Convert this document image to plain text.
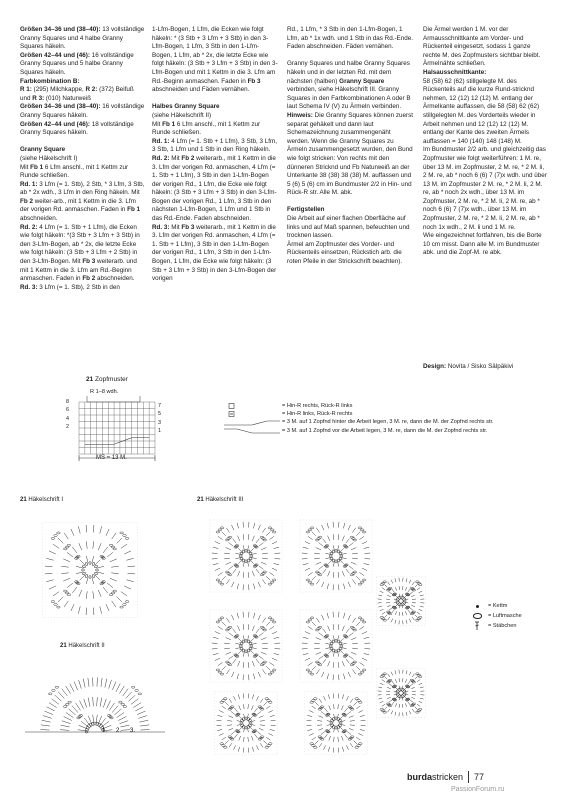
Größen 34–36 und (38–40): 13 vollständige Granny Squares und 4 halbe Granny Squares häkeln.

Größen 42–44 und (46): 16 vollständige Granny Squares und 5 halbe Granny Squares häkeln.

Farbkombination B:

R 1: (295) Milchkappe, R 2: (372) Beifuß und R 3: (010) Naturweiß

Größen 34–36 und (38–40): 16 vollständige Granny Squares häkeln.

Größen 42–44 und (46): 18 vollständige Granny Squares häkeln.

Granny Square

(siehe Häkelschrift I)

Mit Fb 1 6 Lfm anschl., mit 1 Kettm zur Runde schließen.

Rd. 1: 3 Lfm (= 1. Stb), 2 Stb, * 3 Lfm, 3 Stb, ab * 2x wdh., 3 Lfm in den Ring häkeln. Mit Fb 2 weiter-arb., mit 1 Kettm in die 3. Lfm der vorigen Rd. anmaschen. Faden in Fb 1 abschneiden.

Rd. 2: 4 Lfm (= 1. Stb + 1 Lfm), die Ecken wie folgt häkeln: *(3 Stb + 3 Lfm + 3 Stb) in den 3-Lfm-Bogen, ab * 2x, die letzte Ecke wie folgt häkeln: (3 Stb + 3 Lfm + 2 Stb) in den 3-Lfm-Bogen. Mit Fb 3 weiterarb. und mit 1 Kettm in die 3. Lfm am Rd.-Beginn anmaschen. Faden in Fb 2 abschneiden.

Rd. 3: 3 Lfm (= 1. Stb), 2 Stb in den

1-Lfm-Bogen, 1 Lfm, die Ecken wie folgt häkeln: * (3 Stb + 3 Lfm + 3 Stb) in den 3-Lfm-Bogen, 1 Lfm, 3 Stb in den 1-Lfm-Bogen, 1 Lfm, ab * 2x, die letzte Ecke wie folgt häkeln: (3 Stb + 3 Lfm + 3 Stb) in den 3-Lfm-Bogen und mit 1 Kettm in die 3. Lfm am Rd.-Beginn anmaschen. Faden in Fb 3 abschneiden und Fäden vernähen.

Halbes Granny Square

(siehe Häkelschrift II)

Mit Fb 1 6 Lfm anschl., mit 1 Kettm zur Runde schließen.

Rd. 1: 4 Lfm (= 1. Stb + 1 Lfm), 3 Stb, 3 Lfm, 3 Stb, 1 Lfm und 1 Stb in den Ring häkeln.

Rd. 2: Mit Fb 2 weiterarb., mit 1 Kettm in die 3. Lfm der vorigen Rd. anmaschen, 4 Lfm (= 1. Stb + 1 Lfm), 3 Stb in den 1-Lfm-Bogen der vorigen Rd., 1 Lfm, die Ecke wie folgt häkeln: (3 Stb + 3 Lfm + 3 Stb) in den 3-Lfm-Bogen der vorigen Rd., 1 Lfm, 3 Stb in den nächsten 1-Lfm-Bogen, 1 Lfm und 1 Stb in das Rd.-Ende. Faden abschneiden.

Rd. 3: Mit Fb 3 weiterarb., mit 1 Kettm in die 3. Lfm der vorigen Rd. anmaschen, 4 Lfm (= 1. Stb + 1 Lfm), 3 Stb in den 1-Lfm-Bogen der vorigen Rd., 1 Lfm, 3 Stb in den 1-Lfm-Bogen, 1 Lfm, die Ecke wie folgt häkeln: (3 Stb + 3 Lfm + 3 Stb) in den 3-Lfm-Bogen der vorigen

Rd., 1 Lfm, * 3 Stb in den 1-Lfm-Bogen, 1 Lfm, ab * 1x wdh. und 1 Stb in das Rd.-Ende. Faden abschneiden. Fäden vernähen.

Granny Squares und halbe Granny Squares häkeln und in der letzten Rd. mit dem nächsten (halben) Granny Square verbinden, siehe Häkelschrift III. Granny Squares in den Farbkombinationen A oder B laut Schema IV (V) zu Ärmeln verbinden.

Hinweis: Die Granny Squares können zuerst separat gehäkelt und dann laut Schemazeichnung zusammengenäht werden. Wenn die Granny Squares zu Ärmeln zusammengesetzt wurden, den Bund wie folgt stricken: Von rechts mit den dünneren Stricknd und Fb Naturweiß an der Unterkante 38 (38) 38 (38) M. auffassen und 5 (6) 5 (6) cm im Bundmuster 2/2 in Hin- und Rück-R str. Alle M. abk.

Fertigstellen

Die Arbeit auf einer flachen Oberfläche auf links und auf Maß spannen, befeuchten und trocknen lassen.

Ärmel am Zopfmuster des Vorder- und Rückenteils einsetzen, Rückstich arb. die roten Pfeile in der Strickschrift beachten).

Die Ärmel werden 1 M. vor der Armausschnittkante am Vorder- und Rückenteil eingesetzt, sodass 1 ganze rechte M. des Zopfmusters sichtbar bleibt.

Ärmelnähte schließen.

Halsausschnittkante:

58 (58) 62 (62) stillgelegte M. des Rückenteils auf die kurze Rund-stricknd nehmen, 12 (12) 12 (12) M. entlang der Ärmelkante auffassen, die 58 (58) 62 (62) stillgelegten M. des Vorderteils wieder in Arbeit nehmen und 12 (12) 12 (12) M. entlang der Kante des zweiten Ärmels auffassen = 140 (140) 148 (148) M.

Im Bundmuster 2/2 arb. und gleichzeitig das Zopfmuster wie folgt weiterführen: 1 M. re, über 13 M. im Zopfmuster, 2 M. re, * 2 M. li, 2 M. re, ab * noch 6 (6) 7 (7)x wdh. und über 13 M. im Zopfmuster 2 M. re, * 2 M. li, 2 M. re, ab * noch 2x wdh., über 13 M. im Zopfmuster, 2 M. re, * 2 M. li, 2 M. re, ab * noch 6 (6) 7 (7)x wdh., über 13 M. im Zopfmuster, 2 M. re, * 2 M. li, 2 M. re, ab * noch 1x wdh., 2 M. li und 1 M. re.

Wie eingezeichnet fortfahren, bis die Borte 10 cm misst. Dann alle M. im Bundmuster abk. und die Zopf-M. re abk.

Design: Novita / Sisko Sälpäkivi
21 Zopfmuster
R 1–8 wdh.
8
6
4
2
7
5
3
1
MS = 13 M.
= Hin-R rechts, Rück-R links
= Hin-R links, Rück-R rechts
= 3 M. auf 1 Zopfnd hinter die Arbeit legen, 3 M. re, dann die M. der Zopfnd rechts str.
= 3 M. auf 1 Zopfnd vor die Arbeit legen, 3 M. re, dann die M. der Zopfnd rechts str.
21 Häkelschrift I	21 Häkelschrift III
21 Häkelschrift II
1. 2. 3.
= Kettm
= Luftmasche
= Stäbchen
burda stricken 77
PassionForum.ru
